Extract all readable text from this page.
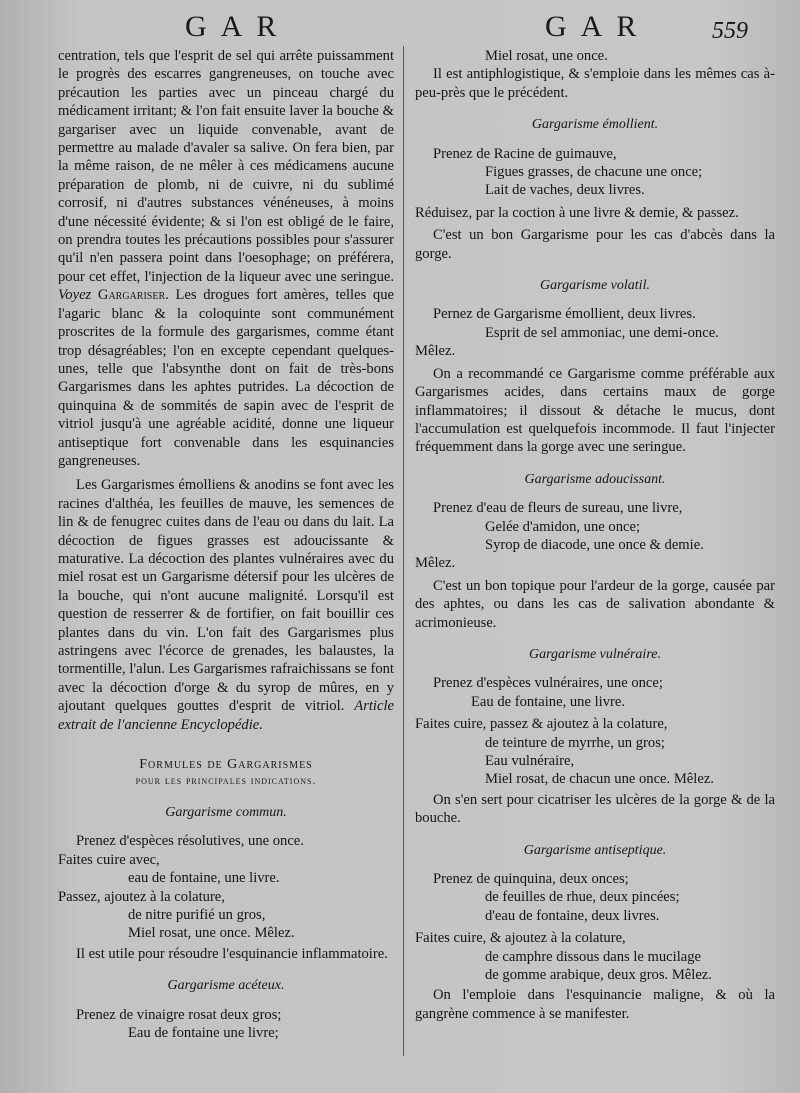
GAR	GAR	559

centration, tels que l'esprit de sel qui arrête puissamment le progrès des escarres gangreneuses, on touche avec précaution les parties avec un pinceau chargé du médicament irritant; & l'on fait ensuite laver la bouche & gargariser avec un liquide convenable, avant de permettre au malade d'avaler sa salive. On fera bien, par la même raison, de ne mêler à ces médicamens aucune préparation de plomb, ni de cuivre, ni du sublimé corrosif, ni d'autres substances vénéneuses, à moins d'une nécessité évidente; & si l'on est obligé de le faire, on prendra toutes les précautions possibles pour s'assurer qu'il n'en passera point dans l'oesophage; on préférera, pour cet effet, l'injection de la liqueur avec une seringue. Voyez Gargariser. Les drogues fort amères, telles que l'agaric blanc & la coloquinte sont communément proscrites de la formule des gargarismes, comme étant trop désagréables; l'on en excepte cependant quelques-unes, telle que l'absynthe dont on fait de très-bons Gargarismes dans les aphtes putrides. La décoction de quinquina & de sommités de sapin avec de l'esprit de vitriol jusqu'à une agréable acidité, donne une liqueur antiseptique fort convenable dans les esquinancies gangreneuses.

Les Gargarismes émolliens & anodins se font avec les racines d'althéa, les feuilles de mauve, les semences de lin & de fenugrec cuites dans de l'eau ou dans du lait. La décoction de figues grasses est adoucissante & maturative. La décoction des plantes vulnéraires avec du miel rosat est un Gargarisme détersif pour les ulcères de la bouche, qui n'ont aucune malignité. Lorsqu'il est question de resserrer & de fortifier, on fait bouillir ces plantes dans du vin. L'on fait des Gargarismes plus astringens avec l'écorce de grenades, les balaustes, la tormentille, l'alun. Les Gargarismes rafraichissans se font avec la décoction d'orge & du syrop de mûres, en y ajoutant quelques gouttes d'esprit de vitriol. Article extrait de l'ancienne Encyclopédie.

Formules de Gargarismes
pour les principales indications.
Gargarisme commun.
Prenez d'espèces résolutives, une once.
Faites cuire avec,
eau de fontaine, une livre.
Passez, ajoutez à la colature,
de nitre purifié un gros,
Miel rosat, une once. Mêlez.

Il est utile pour résoudre l'esquinancie inflammatoire.

Gargarisme acéteux.
Prenez de vinaigre rosat deux gros;
Eau de fontaine une livre;
Miel rosat, une once.

Il est antiphlogistique, & s'emploie dans les mêmes cas à-peu-près que le précédent.

Gargarisme émollient.
Prenez de Racine de guimauve,
Figues grasses, de chacune une once;
Lait de vaches, deux livres.

Réduisez, par la coction à une livre & demie, & passez.

C'est un bon Gargarisme pour les cas d'abcès dans la gorge.

Gargarisme volatil.
Pernez de Gargarisme émollient, deux livres.
Esprit de sel ammoniac, une demi-once.
Mêlez.

On a recommandé ce Gargarisme comme préférable aux Gargarismes acides, dans certains maux de gorge inflammatoires; il dissout & détache le mucus, dont l'accumulation est quelquefois incommode. Il faut l'injecter fréquemment dans la gorge avec une seringue.

Gargarisme adoucissant.
Prenez d'eau de fleurs de sureau, une livre,
Gelée d'amidon, une once;
Syrop de diacode, une once & demie.
Mêlez.

C'est un bon topique pour l'ardeur de la gorge, causée par des aphtes, ou dans les cas de salivation abondante & acrimonieuse.

Gargarisme vulnéraire.
Prenez d'espèces vulnéraires, une once;
Eau de fontaine, une livre.
Faites cuire, passez & ajoutez à la colature,
de teinture de myrrhe, un gros;
Eau vulnéraire,
Miel rosat, de chacun une once. Mêlez.

On s'en sert pour cicatriser les ulcères de la gorge & de la bouche.

Gargarisme antiseptique.
Prenez de quinquina, deux onces;
de feuilles de rhue, deux pincées;
d'eau de fontaine, deux livres.
Faites cuire, & ajoutez à la colature,
de camphre dissous dans le mucilage
de gomme arabique, deux gros. Mêlez.

On l'emploie dans l'esquinancie maligne, & où la gangrène commence à se manifester.
